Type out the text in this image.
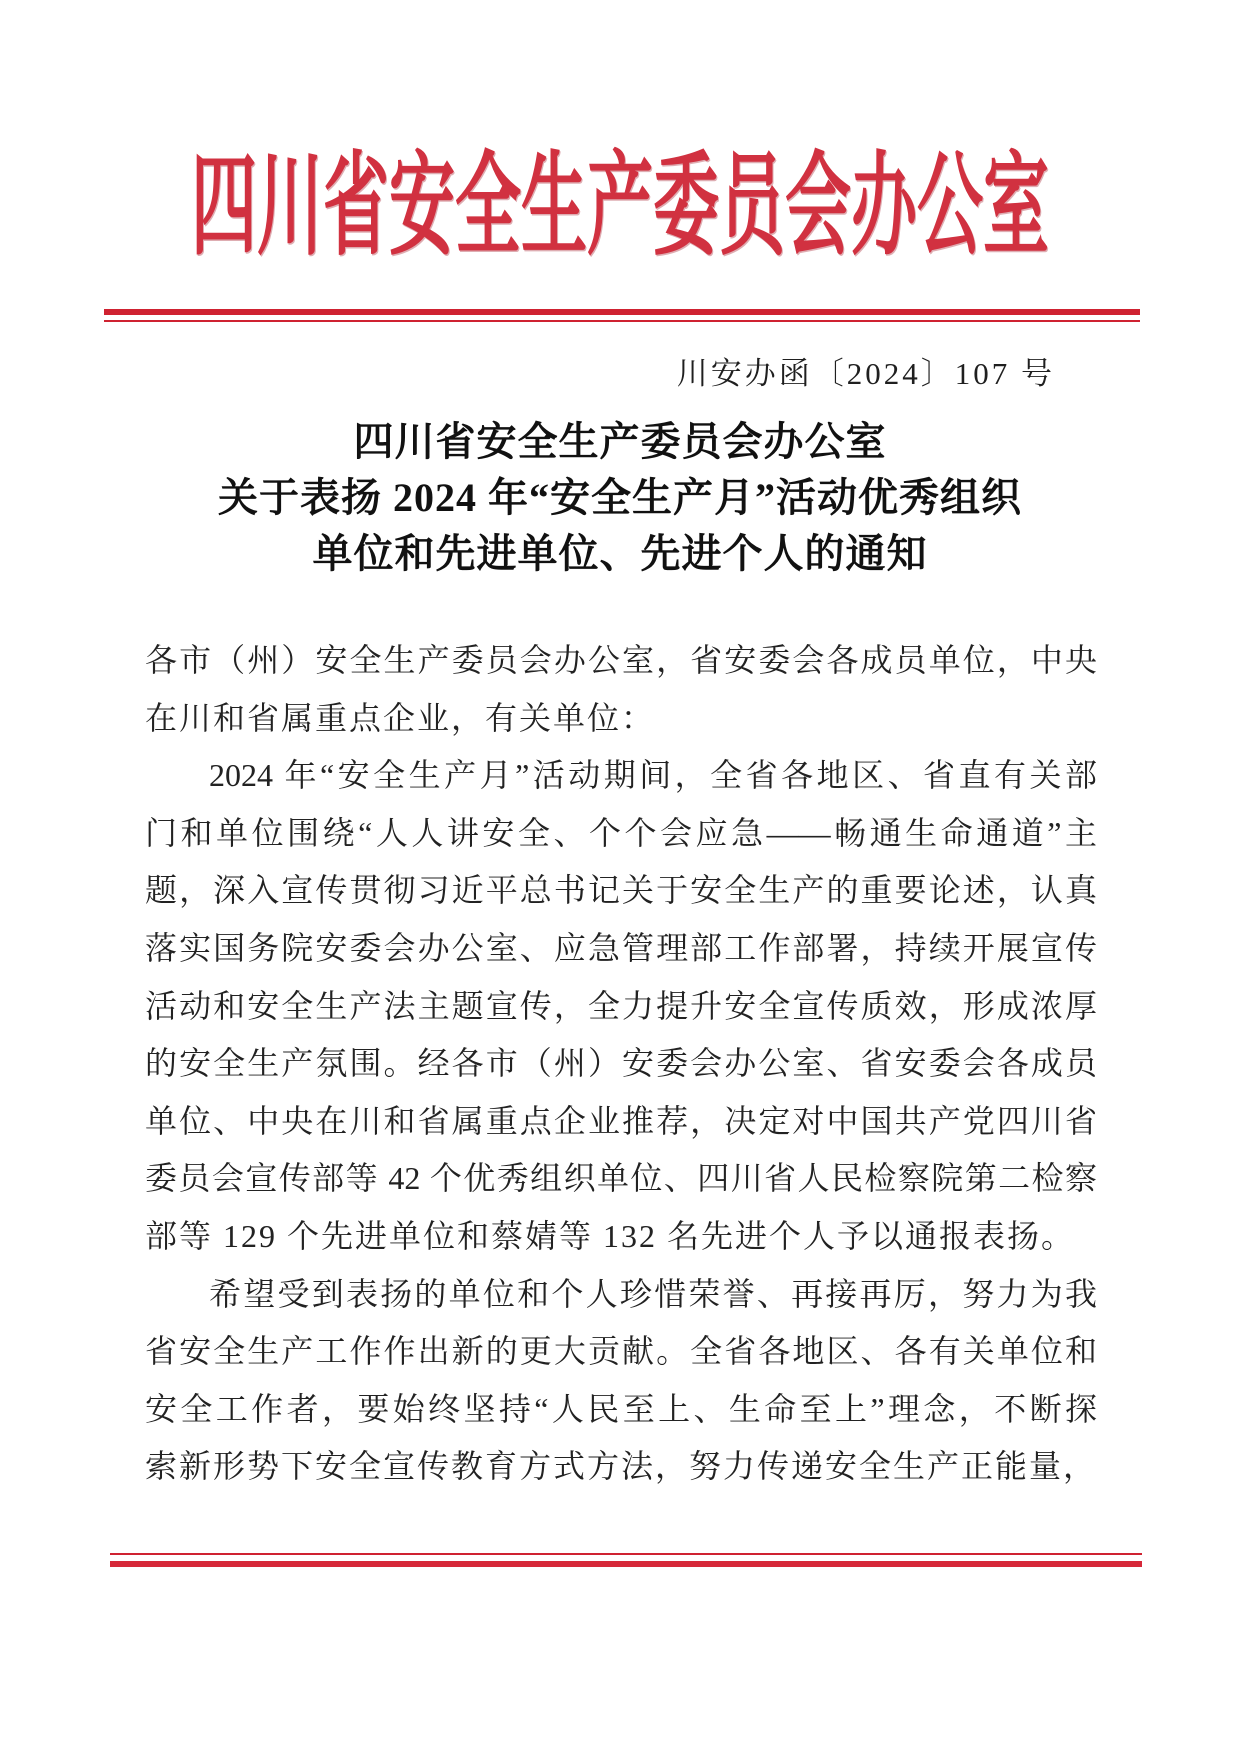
四川省安全生产委员会办公室
川安办函〔2024〕107 号
四川省安全生产委员会办公室
关于表扬 2024 年“安全生产月”活动优秀组织
单位和先进单位、先进个人的通知
各市（州）安全生产委员会办公室，省安委会各成员单位，中央
在川和省属重点企业，有关单位：
2024 年“安全生产月”活动期间，全省各地区、省直有关部
门和单位围绕“人人讲安全、个个会应急——畅通生命通道”主
题，深入宣传贯彻习近平总书记关于安全生产的重要论述，认真
落实国务院安委会办公室、应急管理部工作部署，持续开展宣传
活动和安全生产法主题宣传，全力提升安全宣传质效，形成浓厚
的安全生产氛围。经各市（州）安委会办公室、省安委会各成员
单位、中央在川和省属重点企业推荐，决定对中国共产党四川省
委员会宣传部等 42 个优秀组织单位、四川省人民检察院第二检察
部等 129 个先进单位和蔡婧等 132 名先进个人予以通报表扬。
希望受到表扬的单位和个人珍惜荣誉、再接再厉，努力为我
省安全生产工作作出新的更大贡献。全省各地区、各有关单位和
安全工作者，要始终坚持“人民至上、生命至上”理念，不断探
索新形势下安全宣传教育方式方法，努力传递安全生产正能量，
